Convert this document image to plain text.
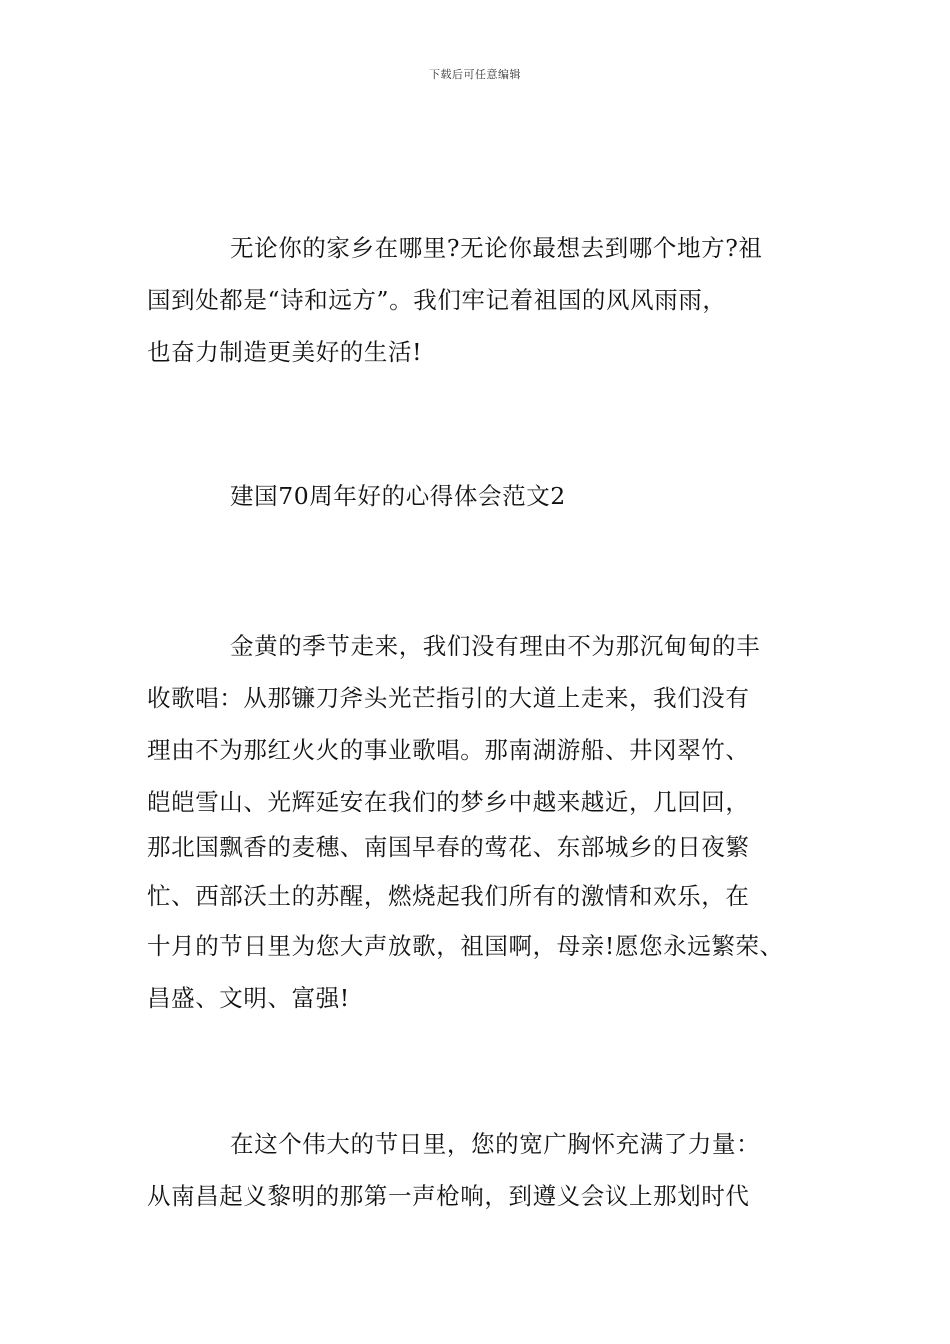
下载后可任意编辑
无论你的家乡在哪里?无论你最想去到哪个地方?祖
国到处都是“诗和远方”。我们牢记着祖国的风风雨雨，
也奋力制造更美好的生活!
建国70周年好的心得体会范文2
金黄的季节走来，我们没有理由不为那沉甸甸的丰
收歌唱：从那镰刀斧头光芒指引的大道上走来，我们没有
理由不为那红火火的事业歌唱。那南湖游船、井冈翠竹、
皑皑雪山、光辉延安在我们的梦乡中越来越近，几回回，
那北国飘香的麦穗、南国早春的莺花、东部城乡的日夜繁
忙、西部沃土的苏醒，燃烧起我们所有的激情和欢乐，在
十月的节日里为您大声放歌，祖国啊，母亲!愿您永远繁荣、
昌盛、文明、富强!
在这个伟大的节日里，您的宽广胸怀充满了力量：
从南昌起义黎明的那第一声枪响，到遵义会议上那划时代
